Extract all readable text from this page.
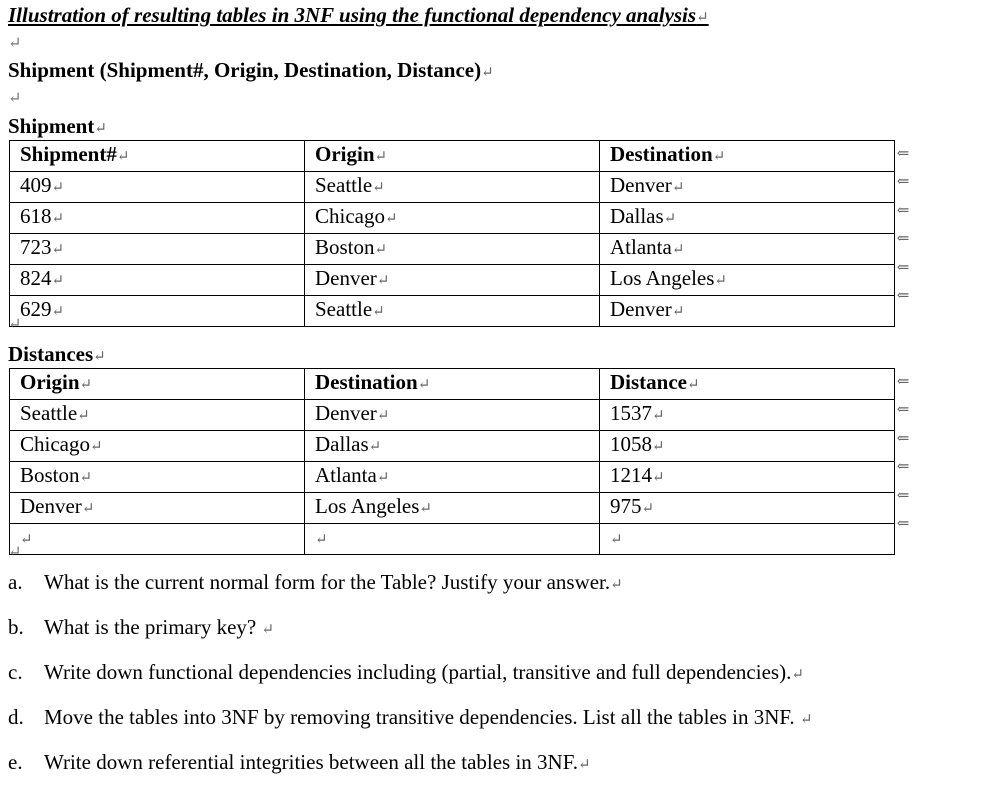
Illustration of resulting tables in 3NF using the functional dependency analysis↵
↵
Shipment (Shipment#, Origin, Destination, Distance)↵
↵
Shipment↵
Shipment#↵	Origin↵	Destination↵
409↵	Seattle↵	Denver↵
618↵	Chicago↵	Dallas↵
723↵	Boston↵	Atlanta↵
824↵	Denver↵	Los Angeles↵
629↵	Seattle↵	Denver↵
⇐
⇐
⇐
⇐
⇐
⇐
↵
Distances↵
Origin↵	Destination↵	Distance↵
Seattle↵	Denver↵	1537↵
Chicago↵	Dallas↵	1058↵
Boston↵	Atlanta↵	1214↵
Denver↵	Los Angeles↵	975↵
↵	↵	↵
⇐
⇐
⇐
⇐
⇐
⇐
↵
a. What is the current normal form for the Table? Justify your answer.↵
b. What is the primary key? ↵
c. Write down functional dependencies including (partial, transitive and full dependencies).↵
d. Move the tables into 3NF by removing transitive dependencies. List all the tables in 3NF. ↵
e. Write down referential integrities between all the tables in 3NF.↵
